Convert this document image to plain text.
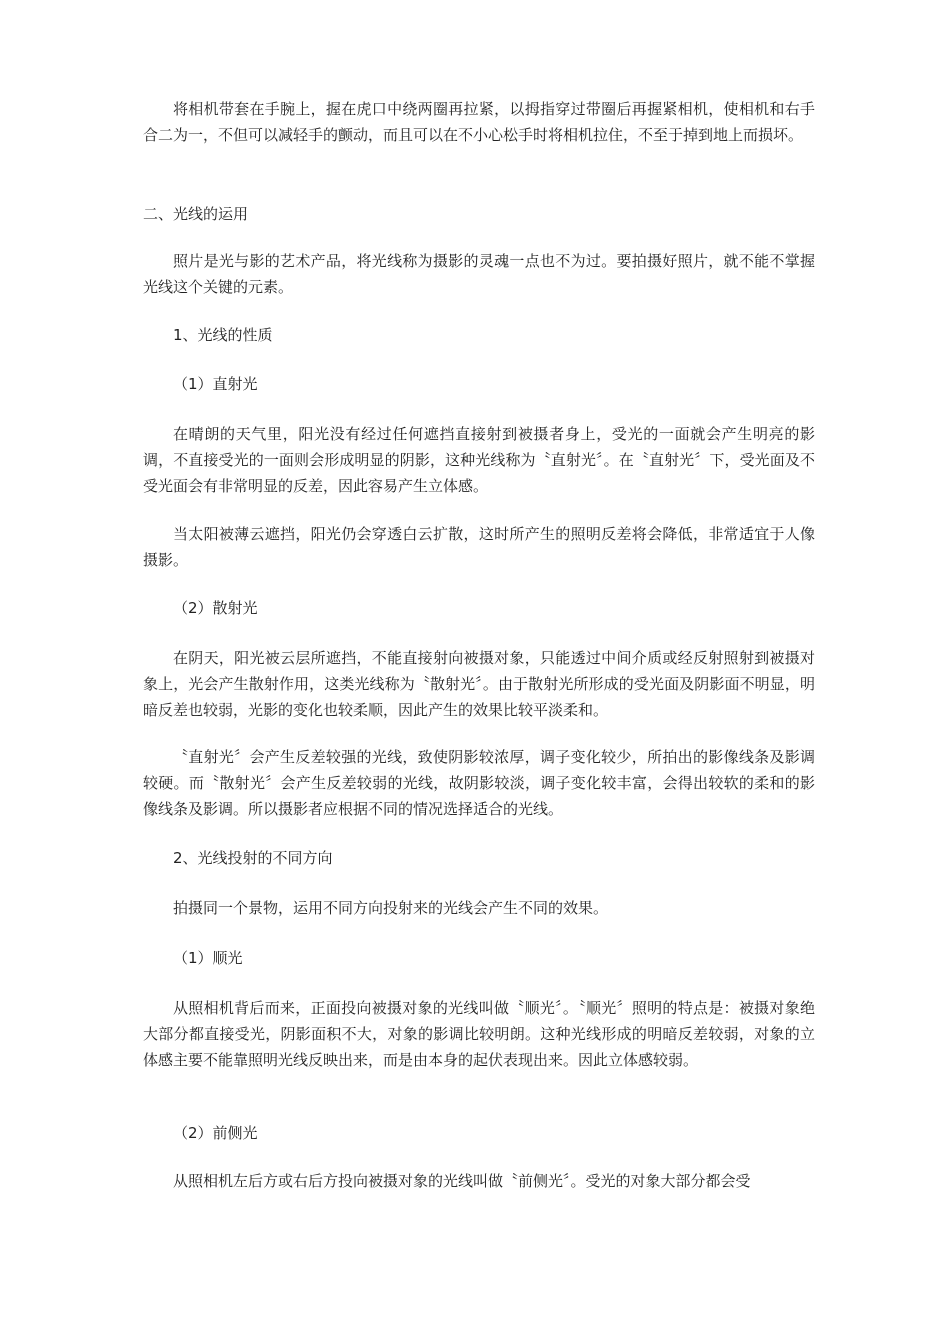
将相机带套在手腕上，握在虎口中绕两圈再拉紧，以拇指穿过带圈后再握紧相机，使相机和右手合二为一，不但可以减轻手的颤动，而且可以在不小心松手时将相机拉住，不至于掉到地上而损坏。
二、光线的运用
照片是光与影的艺术产品，将光线称为摄影的灵魂一点也不为过。要拍摄好照片，就不能不掌握光线这个关键的元素。
1、光线的性质
（1）直射光
在晴朗的天气里，阳光没有经过任何遮挡直接射到被摄者身上，受光的一面就会产生明亮的影调，不直接受光的一面则会形成明显的阴影，这种光线称为〝直射光〞。在〝直射光〞下，受光面及不受光面会有非常明显的反差，因此容易产生立体感。
当太阳被薄云遮挡，阳光仍会穿透白云扩散，这时所产生的照明反差将会降低，非常适宜于人像摄影。
（2）散射光
在阴天，阳光被云层所遮挡，不能直接射向被摄对象，只能透过中间介质或经反射照射到被摄对象上，光会产生散射作用，这类光线称为〝散射光〞。由于散射光所形成的受光面及阴影面不明显，明暗反差也较弱，光影的变化也较柔顺，因此产生的效果比较平淡柔和。
〝直射光〞会产生反差较强的光线，致使阴影较浓厚，调子变化较少，所拍出的影像线条及影调较硬。而〝散射光〞会产生反差较弱的光线，故阴影较淡，调子变化较丰富，会得出较软的柔和的影像线条及影调。所以摄影者应根据不同的情况选择适合的光线。
2、光线投射的不同方向
拍摄同一个景物，运用不同方向投射来的光线会产生不同的效果。
（1）顺光
从照相机背后而来，正面投向被摄对象的光线叫做〝顺光〞。〝顺光〞照明的特点是：被摄对象绝大部分都直接受光，阴影面积不大，对象的影调比较明朗。这种光线形成的明暗反差较弱，对象的立体感主要不能靠照明光线反映出来，而是由本身的起伏表现出来。因此立体感较弱。
（2）前侧光
从照相机左后方或右后方投向被摄对象的光线叫做〝前侧光〞。受光的对象大部分都会受
